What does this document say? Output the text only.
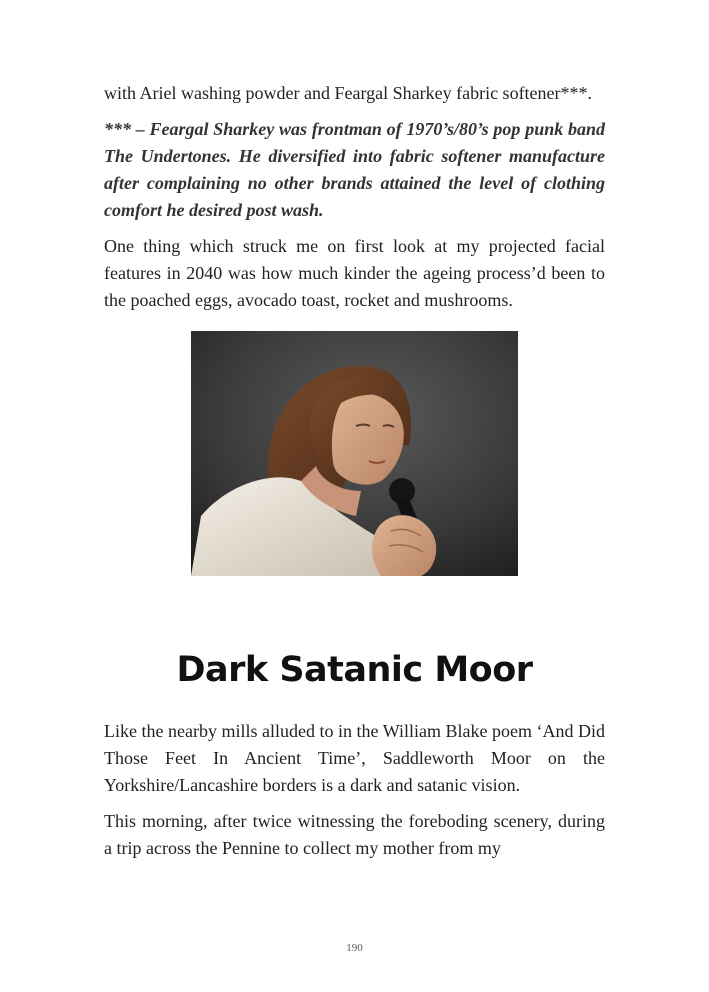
with Ariel washing powder and Feargal Sharkey fabric softener***.

*** – Feargal Sharkey was frontman of 1970’s/80’s pop punk band The Undertones. He diversified into fabric softener manufacture after complaining no other brands attained the level of clothing comfort he desired post wash.

One thing which struck me on first look at my projected facial features in 2040 was how much kinder the ageing process’d been to the poached eggs, avocado toast, rocket and mushrooms.

Dark Satanic Moor

Like the nearby mills alluded to in the William Blake poem ‘And Did Those Feet In Ancient Time’, Saddleworth Moor on the Yorkshire/Lancashire borders is a dark and satanic vision.

This morning, after twice witnessing the foreboding scenery, during a trip across the Pennine to collect my mother from my

190
